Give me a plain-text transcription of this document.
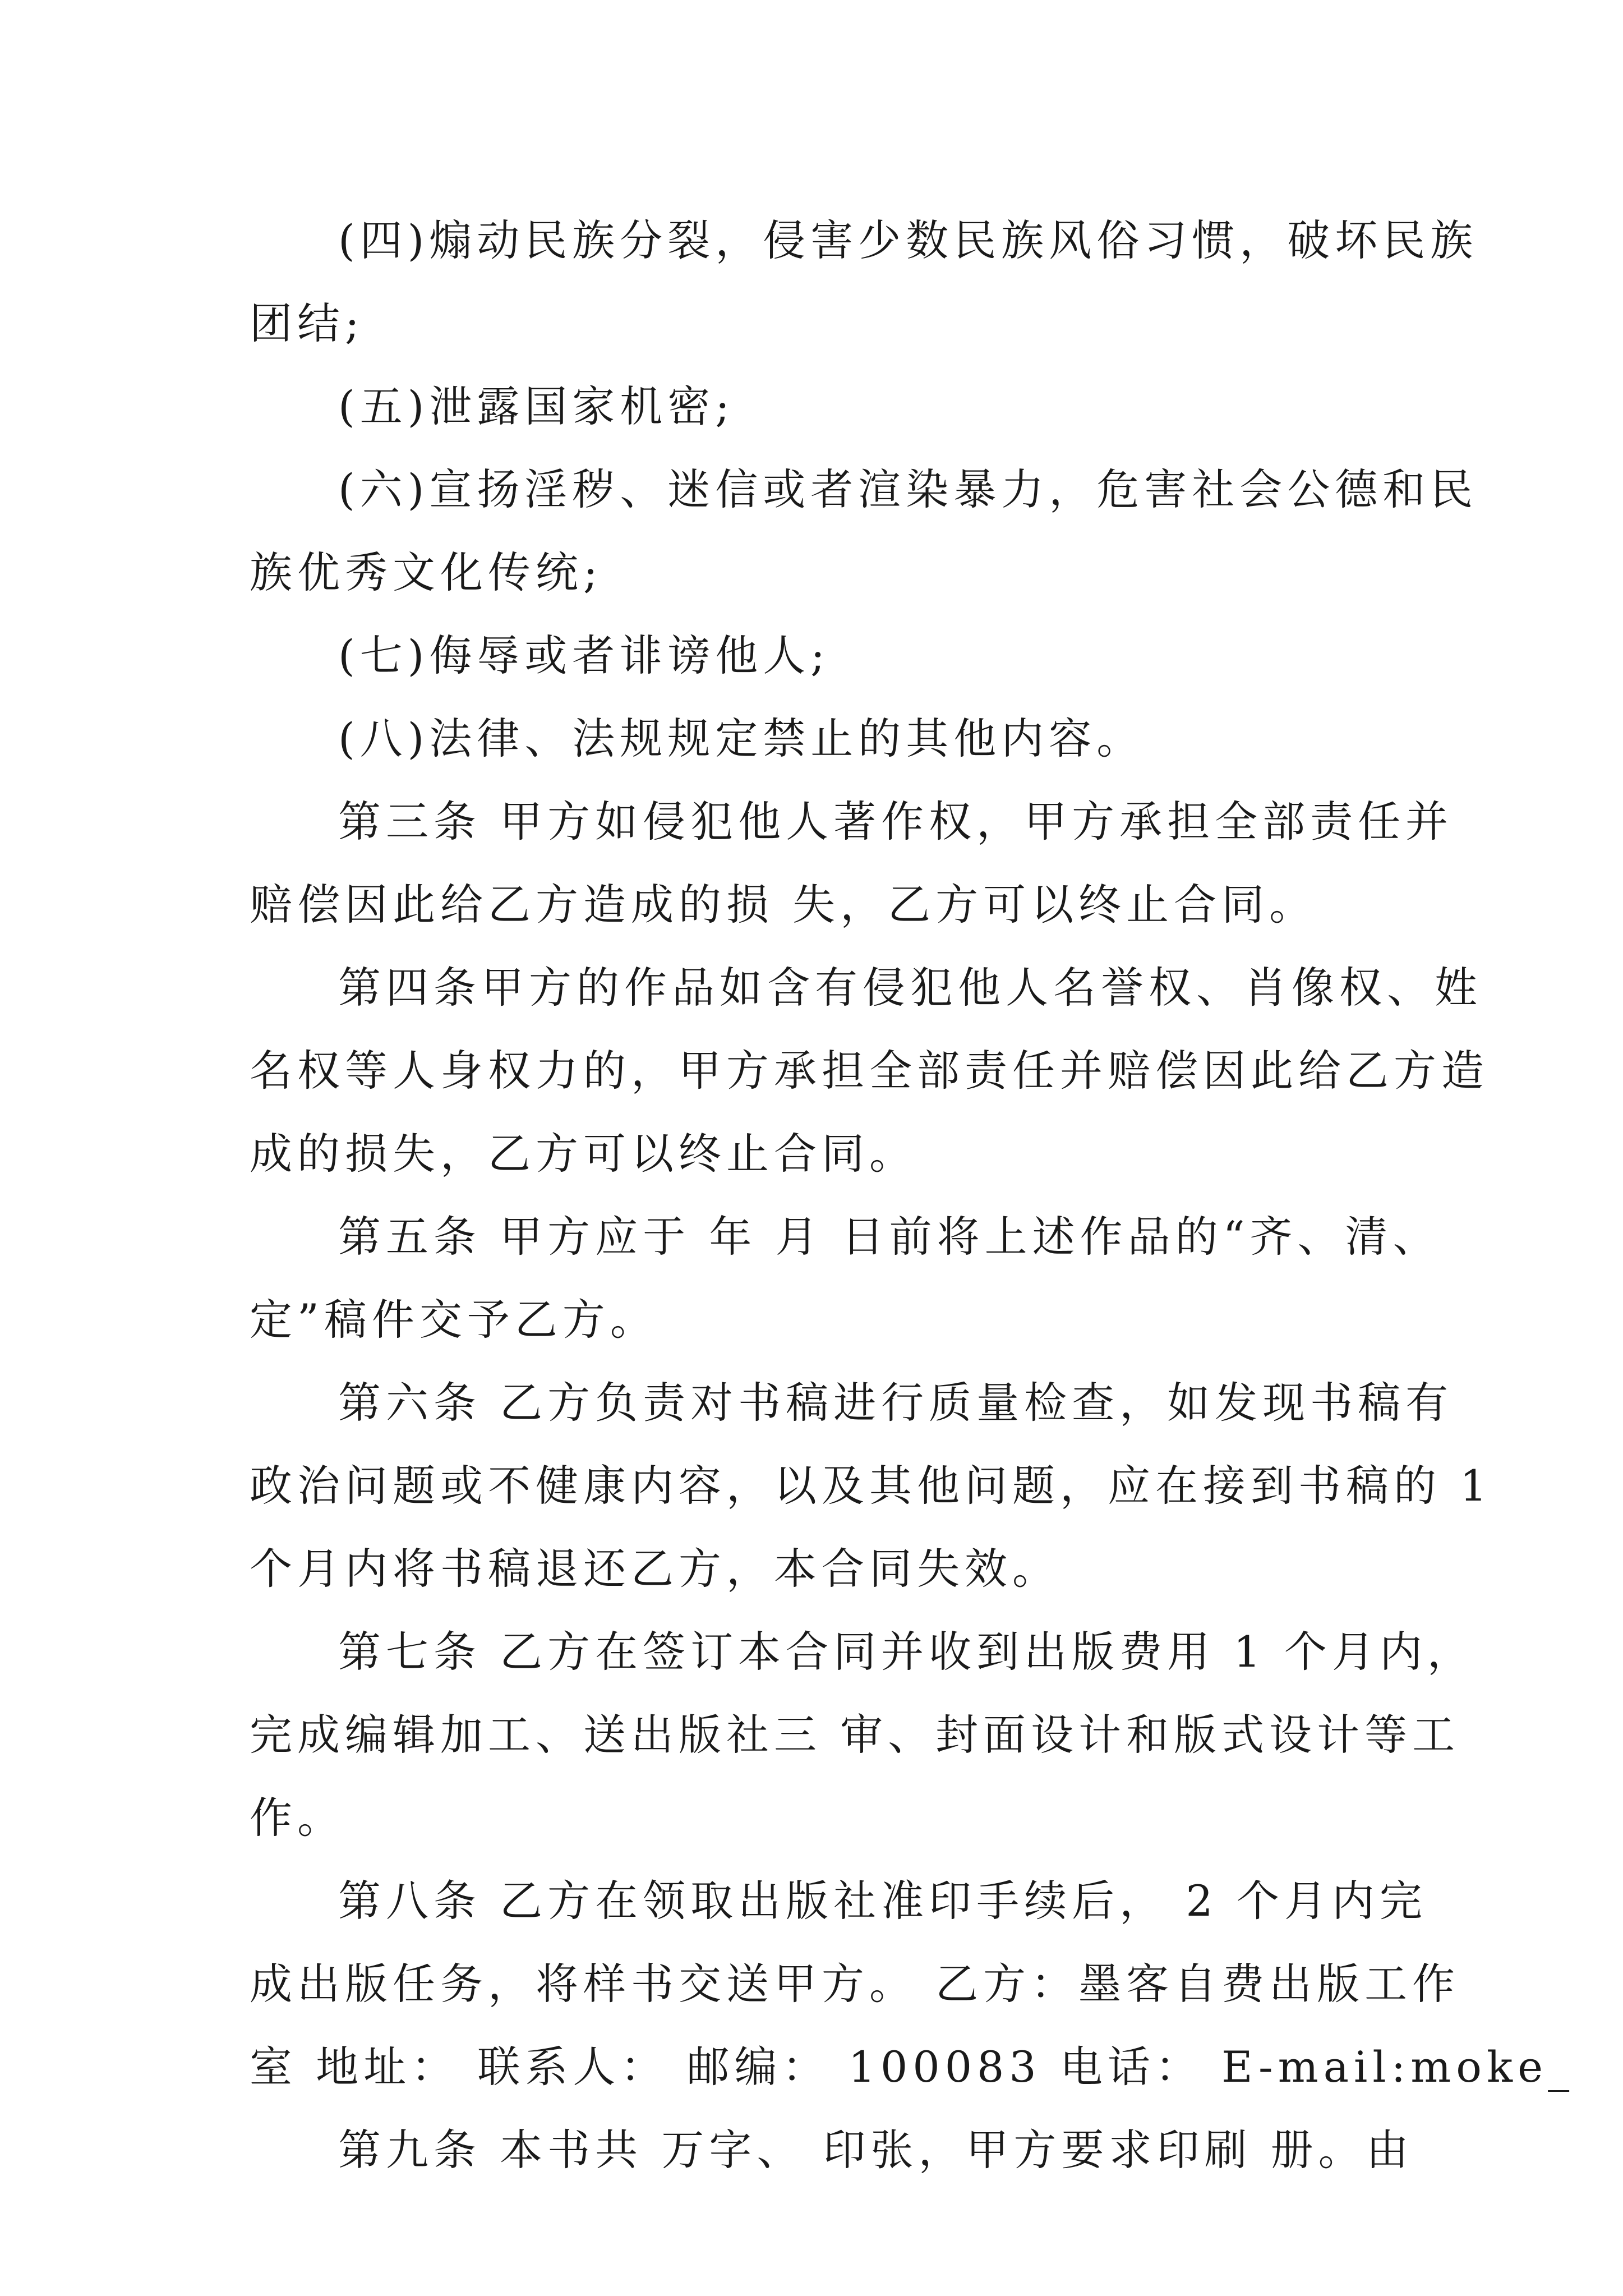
(四)煽动民族分裂，侵害少数民族风俗习惯，破坏民族
团结;
(五)泄露国家机密;
(六)宣扬淫秽、迷信或者渲染暴力，危害社会公德和民
族优秀文化传统;
(七)侮辱或者诽谤他人;
(八)法律、法规规定禁止的其他内容。
第三条 甲方如侵犯他人著作权，甲方承担全部责任并
赔偿因此给乙方造成的损 失，乙方可以终止合同。
第四条甲方的作品如含有侵犯他人名誉权、肖像权、姓
名权等人身权力的，甲方承担全部责任并赔偿因此给乙方造
成的损失，乙方可以终止合同。
第五条 甲方应于 年 月 日前将上述作品的“齐、清、
定”稿件交予乙方。
第六条 乙方负责对书稿进行质量检查，如发现书稿有
政治问题或不健康内容，以及其他问题，应在接到书稿的 1
个月内将书稿退还乙方，本合同失效。
第七条 乙方在签订本合同并收到出版费用 1 个月内，
完成编辑加工、送出版社三 审、封面设计和版式设计等工
作。
第八条 乙方在领取出版社准印手续后， 2 个月内完
成出版任务，将样书交送甲方。 乙方：墨客自费出版工作
室 地址： 联系人： 邮编： 100083 电话： E-mail:moke_
第九条 本书共 万字、 印张，甲方要求印刷 册。由
